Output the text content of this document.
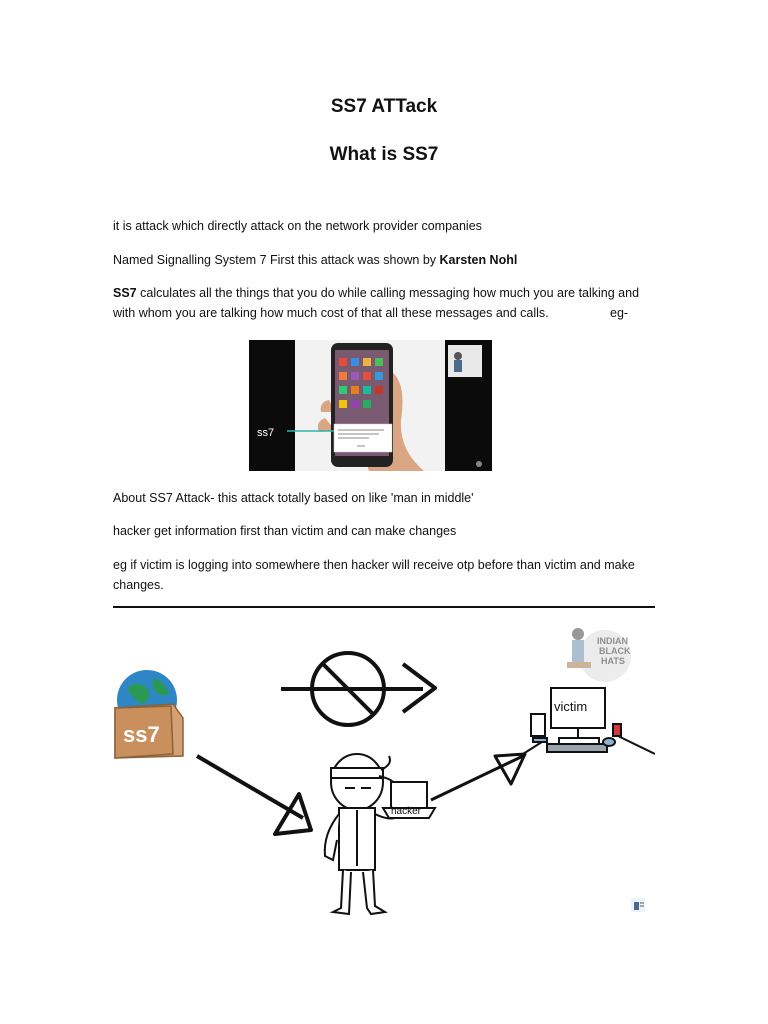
SS7 ATTack
What is SS7
it is attack which directly attack on the network provider companies
Named Signalling System 7 First this attack was shown by Karsten Nohl
SS7 calculates all the things that you do while calling messaging how much you are talking and with whom you are talking how much cost of that all these messages and calls.	eg-
ss7
About SS7 Attack- this attack totally based on like 'man in middle'
hacker get information first than victim and can make changes
eg if victim is logging into somewhere then hacker will receive otp before than victim and make changes.
ss7
hacker
victim
INDIAN
BLACK
HATS
